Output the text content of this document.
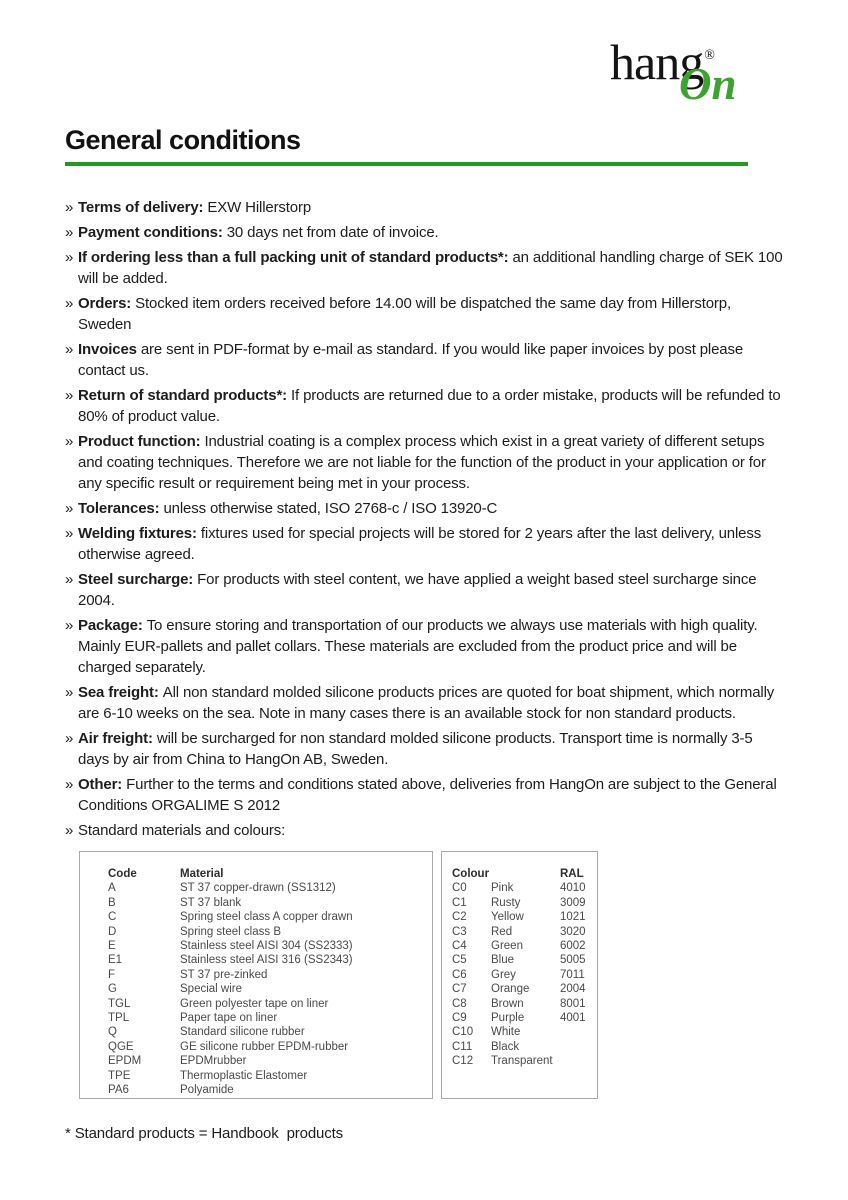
hang®
On
General conditions
» Terms of delivery: EXW Hillerstorp
» Payment conditions: 30 days net from date of invoice.
» If ordering less than a full packing unit of standard products*: an additional handling charge of SEK 100 will be added.
» Orders: Stocked item orders received before 14.00 will be dispatched the same day from Hillerstorp, Sweden
» Invoices are sent in PDF-format by e-mail as standard. If you would like paper invoices by post please contact us.
» Return of standard products*: If products are returned due to a order mistake, products will be refunded to 80% of product value.
» Product function: Industrial coating is a complex process which exist in a great variety of different setups and coating techniques. Therefore we are not liable for the function of the product in your application or for any specific result or requirement being met in your process.
» Tolerances: unless otherwise stated, ISO 2768-c / ISO 13920-C
» Welding fixtures: fixtures used for special projects will be stored for 2 years after the last delivery, unless otherwise agreed.
» Steel surcharge: For products with steel content, we have applied a weight based steel surcharge since 2004.
» Package: To ensure storing and transportation of our products we always use materials with high quality. Mainly EUR-pallets and pallet collars. These materials are excluded from the product price and will be charged separately.
» Sea freight: All non standard molded silicone products prices are quoted for boat shipment, which normally are 6-10 weeks on the sea. Note in many cases there is an available stock for non standard products.
» Air freight: will be surcharged for non standard molded silicone products. Transport time is normally 3-5 days by air from China to HangOn AB, Sweden.
» Other: Further to the terms and conditions stated above, deliveries from HangOn are subject to the General Conditions ORGALIME S 2012
» Standard materials and colours:
Code	Material
A	ST 37 copper-drawn (SS1312)
B	ST 37 blank
C	Spring steel class A copper drawn
D	Spring steel class B
E	Stainless steel AISI 304 (SS2333)
E1	Stainless steel AISI 316 (SS2343)
F	ST 37 pre-zinked
G	Special wire
TGL	Green polyester tape on liner
TPL	Paper tape on liner
Q	Standard silicone rubber
QGE	GE silicone rubber EPDM-rubber
EPDM	EPDMrubber
TPE	Thermoplastic Elastomer
PA6	Polyamide
Colour	RAL
C0	Pink	4010
C1	Rusty	3009
C2	Yellow	1021
C3	Red	3020
C4	Green	6002
C5	Blue	5005
C6	Grey	7011
C7	Orange	2004
C8	Brown	8001
C9	Purple	4001
C10	White
C11	Black
C12	Transparent
* Standard products = Handbook  products
